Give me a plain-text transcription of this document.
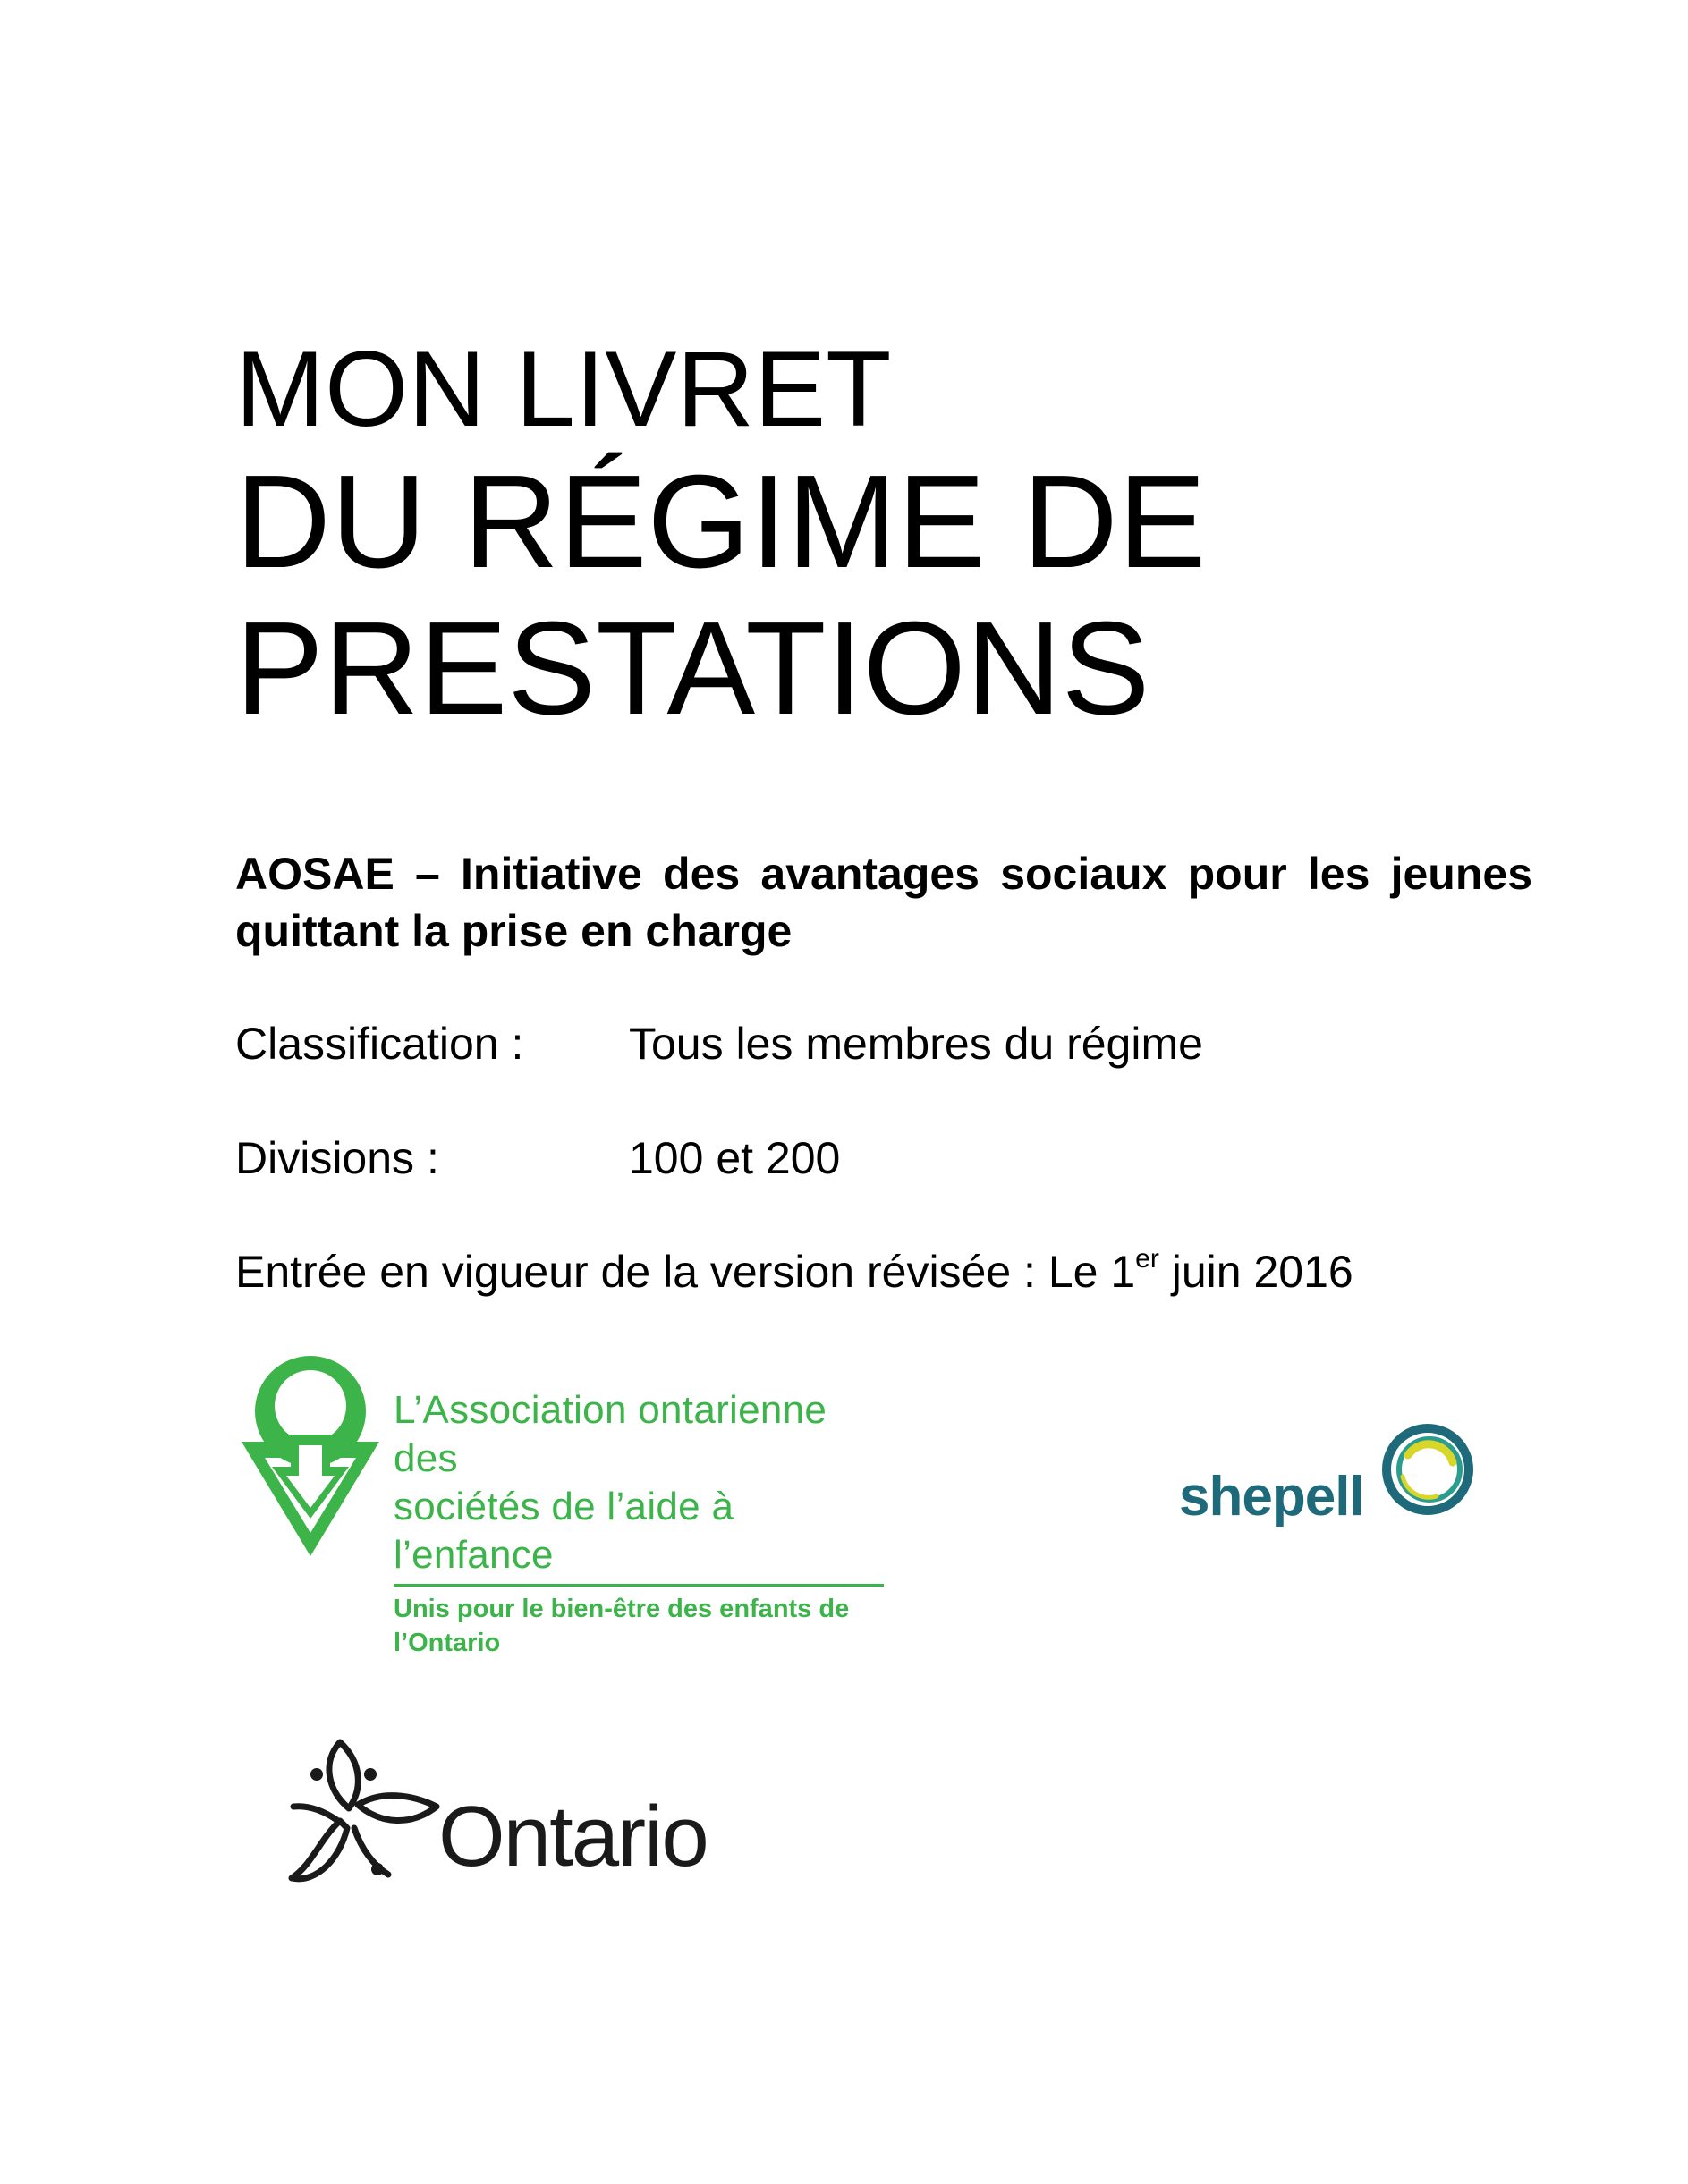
MON LIVRET
DU RÉGIME DE
PRESTATIONS

AOSAE – Initiative des avantages sociaux pour les jeunes quittant la prise en charge

Classification : Tous les membres du régime
Divisions :	100 et 200
Entrée en vigueur de la version révisée : Le 1er juin 2016
L’Association ontarienne des
sociétés de l’aide à l’enfance
Unis pour le bien-être des enfants de l’Ontario
shepell
Ontario
